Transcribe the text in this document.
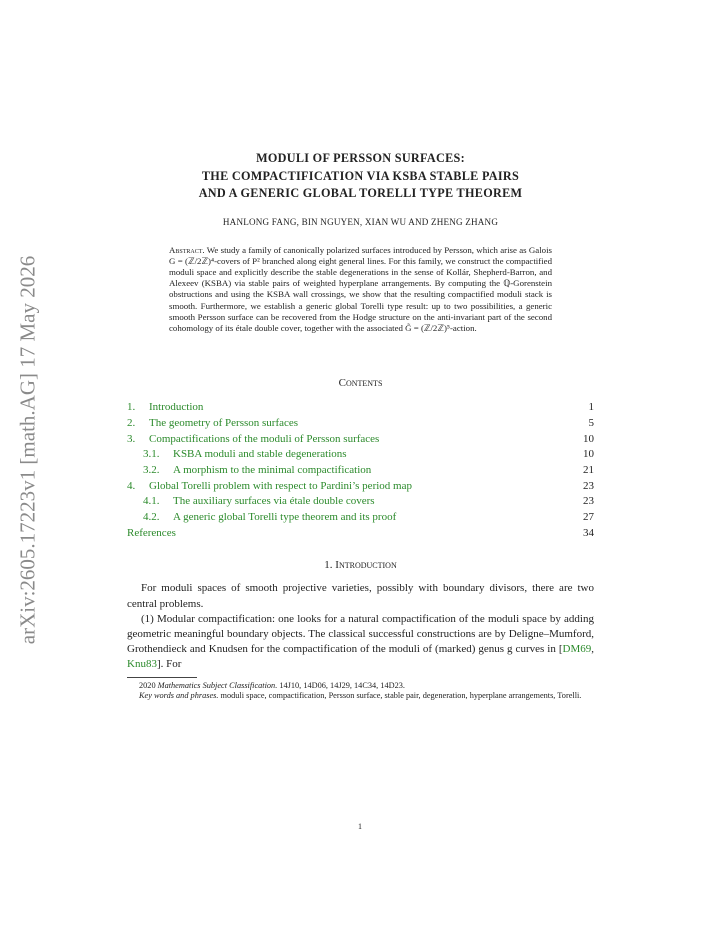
arXiv:2605.17223v1 [math.AG] 17 May 2026
MODULI OF PERSSON SURFACES:
THE COMPACTIFICATION VIA KSBA STABLE PAIRS
AND A GENERIC GLOBAL TORELLI TYPE THEOREM
HANLONG FANG, BIN NGUYEN, XIAN WU AND ZHENG ZHANG
Abstract. We study a family of canonically polarized surfaces introduced by Persson, which arise as Galois G = (ℤ/2ℤ)⁴-covers of P² branched along eight general lines. For this family, we construct the compactified moduli space and explicitly describe the stable degenerations in the sense of Kollár, Shepherd-Barron, and Alexeev (KSBA) via stable pairs of weighted hyperplane arrangements. By computing the ℚ-Gorenstein obstructions and using the KSBA wall crossings, we show that the resulting compactified moduli stack is smooth. Furthermore, we establish a generic global Torelli type result: up to two possibilities, a generic smooth Persson surface can be recovered from the Hodge structure on the anti-invariant part of the second cohomology of its étale double cover, together with the associated G̃ = (ℤ/2ℤ)⁵-action.
Contents
1. Introduction	1
2. The geometry of Persson surfaces	5
3. Compactifications of the moduli of Persson surfaces	10
3.1. KSBA moduli and stable degenerations	10
3.2. A morphism to the minimal compactification	21
4. Global Torelli problem with respect to Pardini’s period map	23
4.1. The auxiliary surfaces via étale double covers	23
4.2. A generic global Torelli type theorem and its proof	27
References	34
1. Introduction

For moduli spaces of smooth projective varieties, possibly with boundary divisors, there are two central problems.

(1) Modular compactification: one looks for a natural compactification of the moduli space by adding geometric meaningful boundary objects. The classical successful constructions are by Deligne–Mumford, Grothendieck and Knudsen for the compactification of the moduli of (marked) genus g curves in [DM69, Knu83]. For

2020 Mathematics Subject Classification. 14J10, 14D06, 14J29, 14C34, 14D23.

Key words and phrases. moduli space, compactification, Persson surface, stable pair, degeneration, hyperplane arrangements, Torelli.

1
